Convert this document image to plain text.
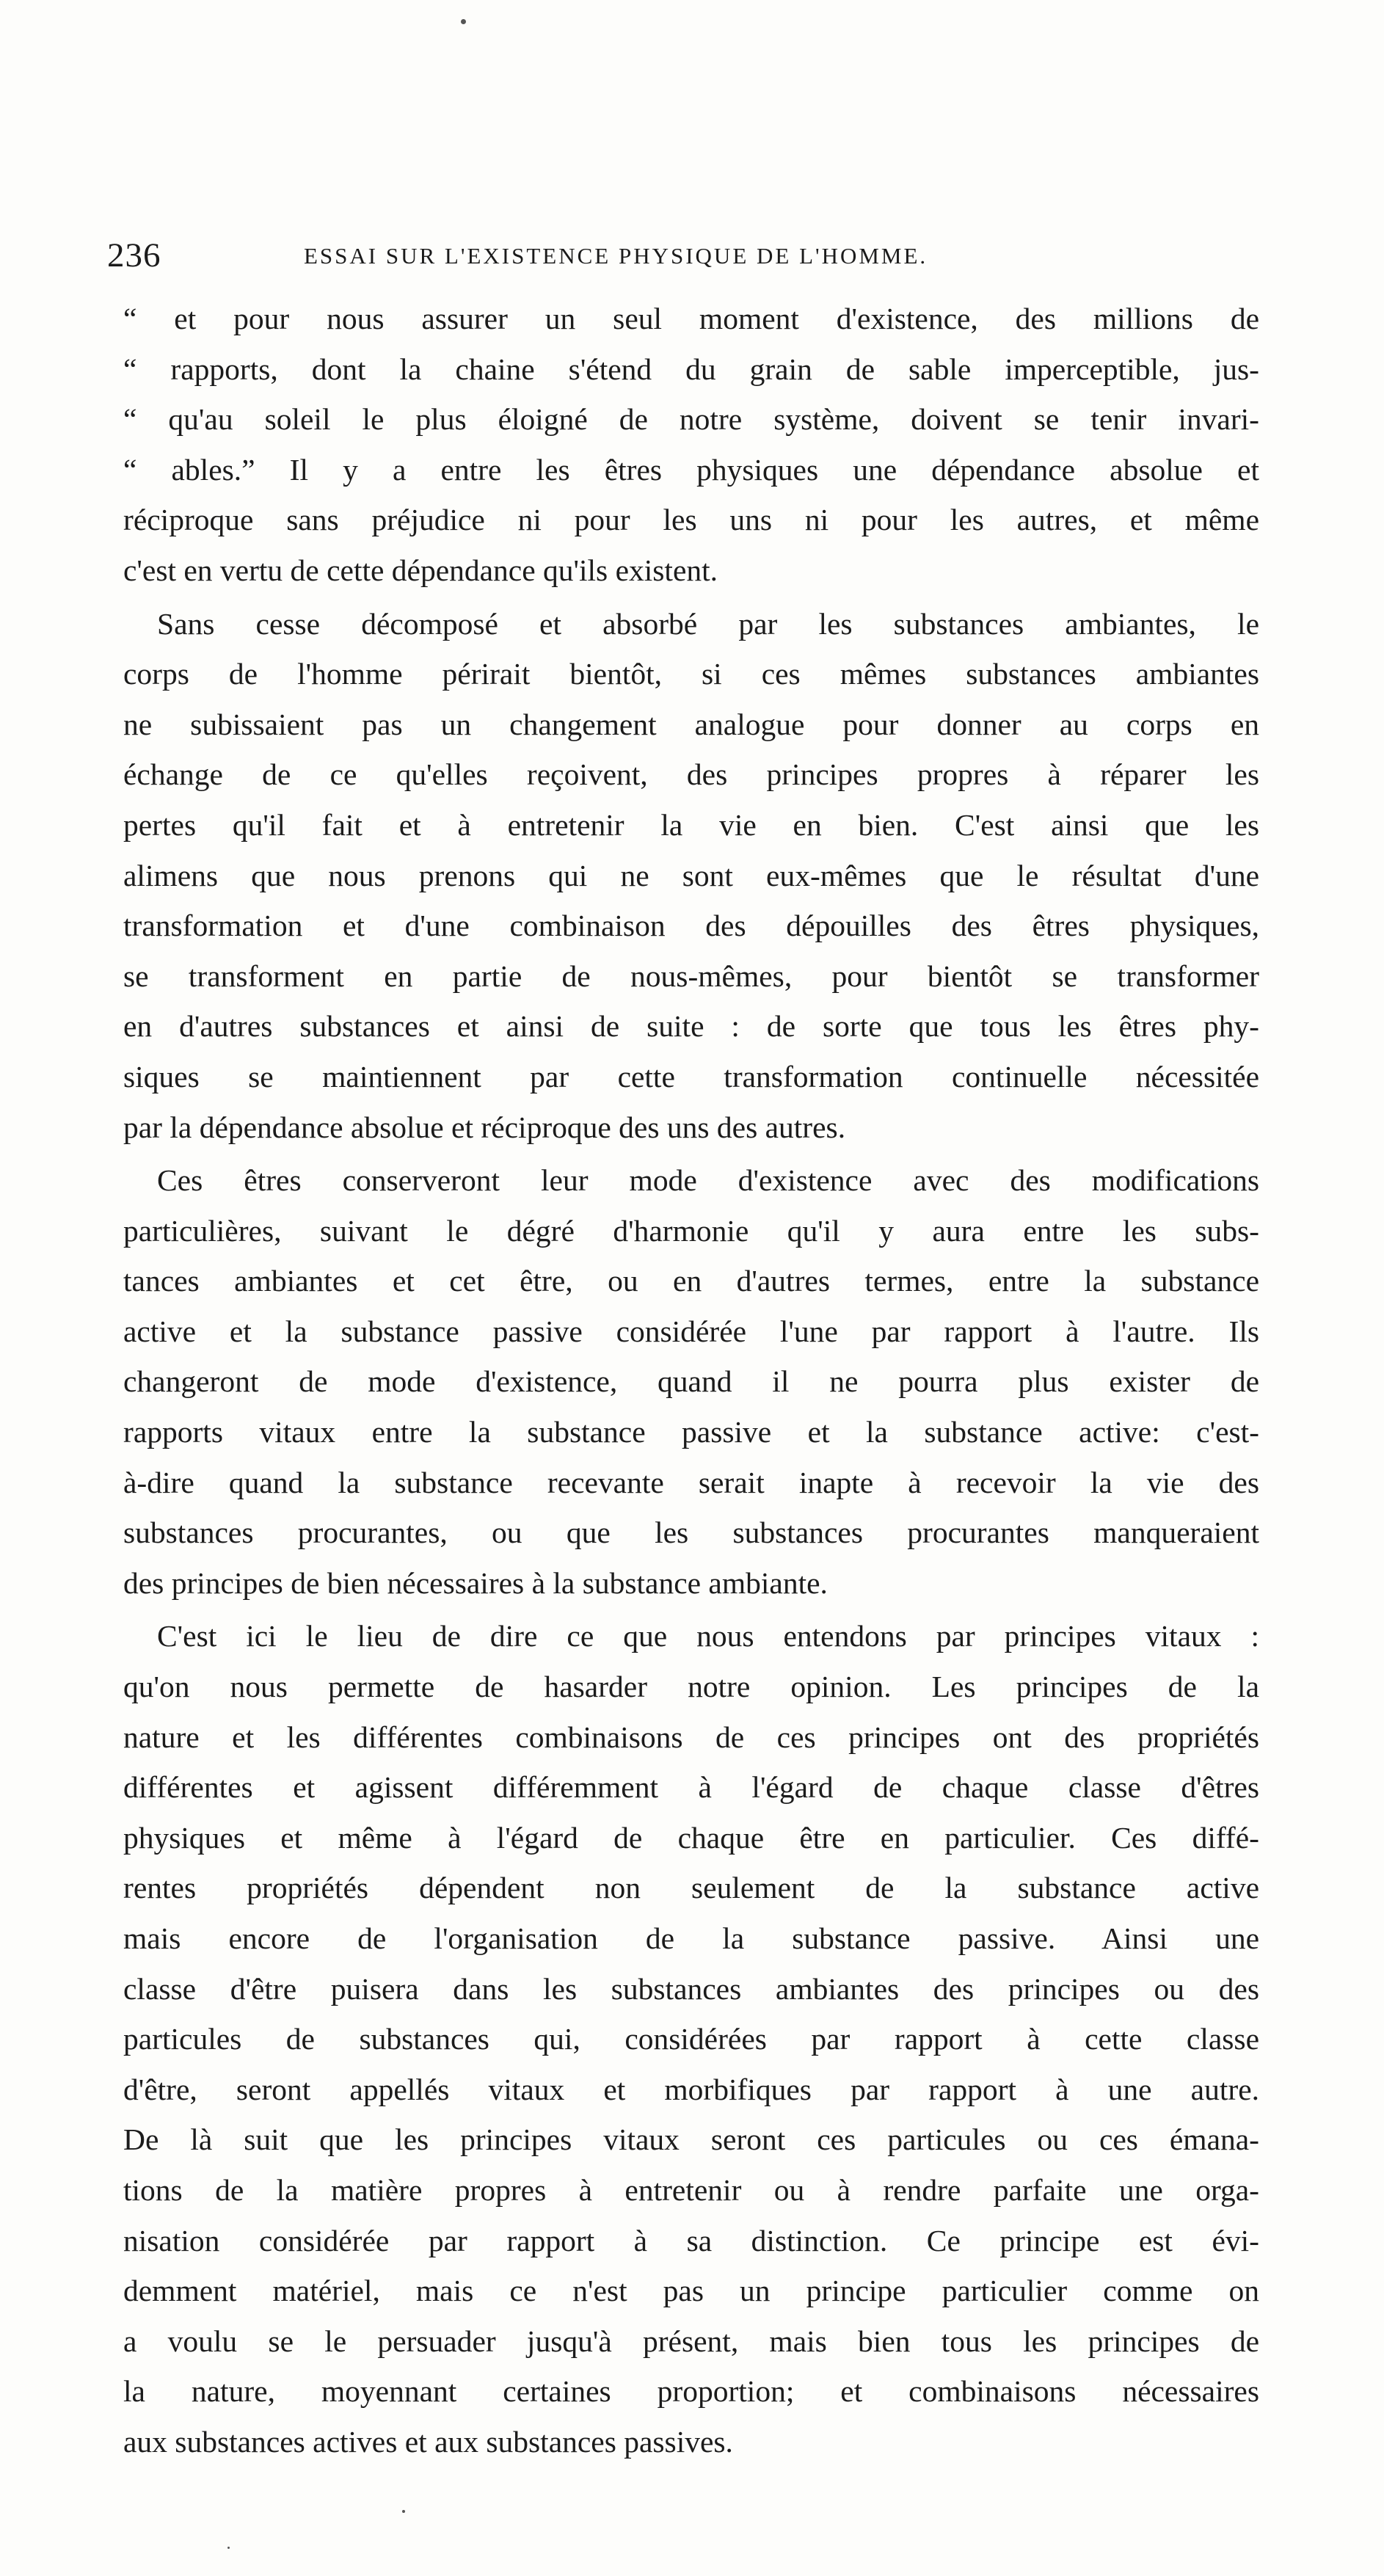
236	ESSAI SUR L'EXISTENCE PHYSIQUE DE L'HOMME.
“ et pour nous assurer un seul moment d'existence, des millions de
“ rapports, dont la chaine s'étend du grain de sable imperceptible, jus-
“ qu'au soleil le plus éloigné de notre système, doivent se tenir invari-
“ ables.” Il y a entre les êtres physiques une dépendance absolue et
réciproque sans préjudice ni pour les uns ni pour les autres, et même
c'est en vertu de cette dépendance qu'ils existent.
Sans cesse décomposé et absorbé par les substances ambiantes, le
corps de l'homme périrait bientôt, si ces mêmes substances ambiantes
ne subissaient pas un changement analogue pour donner au corps en
échange de ce qu'elles reçoivent, des principes propres à réparer les
pertes qu'il fait et à entretenir la vie en bien. C'est ainsi que les
alimens que nous prenons qui ne sont eux-mêmes que le résultat d'une
transformation et d'une combinaison des dépouilles des êtres physiques,
se transforment en partie de nous-mêmes, pour bientôt se transformer
en d'autres substances et ainsi de suite : de sorte que tous les êtres phy-
siques se maintiennent par cette transformation continuelle nécessitée
par la dépendance absolue et réciproque des uns des autres.
Ces êtres conserveront leur mode d'existence avec des modifications
particulières, suivant le dégré d'harmonie qu'il y aura entre les subs-
tances ambiantes et cet être, ou en d'autres termes, entre la substance
active et la substance passive considérée l'une par rapport à l'autre. Ils
changeront de mode d'existence, quand il ne pourra plus exister de
rapports vitaux entre la substance passive et la substance active: c'est-
à-dire quand la substance recevante serait inapte à recevoir la vie des
substances procurantes, ou que les substances procurantes manqueraient
des principes de bien nécessaires à la substance ambiante.
C'est ici le lieu de dire ce que nous entendons par principes vitaux :
qu'on nous permette de hasarder notre opinion. Les principes de la
nature et les différentes combinaisons de ces principes ont des propriétés
différentes et agissent différemment à l'égard de chaque classe d'êtres
physiques et même à l'égard de chaque être en particulier. Ces diffé-
rentes propriétés dépendent non seulement de la substance active
mais encore de l'organisation de la substance passive. Ainsi une
classe d'être puisera dans les substances ambiantes des principes ou des
particules de substances qui, considérées par rapport à cette classe
d'être, seront appellés vitaux et morbifiques par rapport à une autre.
De là suit que les principes vitaux seront ces particules ou ces émana-
tions de la matière propres à entretenir ou à rendre parfaite une orga-
nisation considérée par rapport à sa distinction. Ce principe est évi-
demment matériel, mais ce n'est pas un principe particulier comme on
a voulu se le persuader jusqu'à présent, mais bien tous les principes de
la nature, moyennant certaines proportion; et combinaisons nécessaires
aux substances actives et aux substances passives.
